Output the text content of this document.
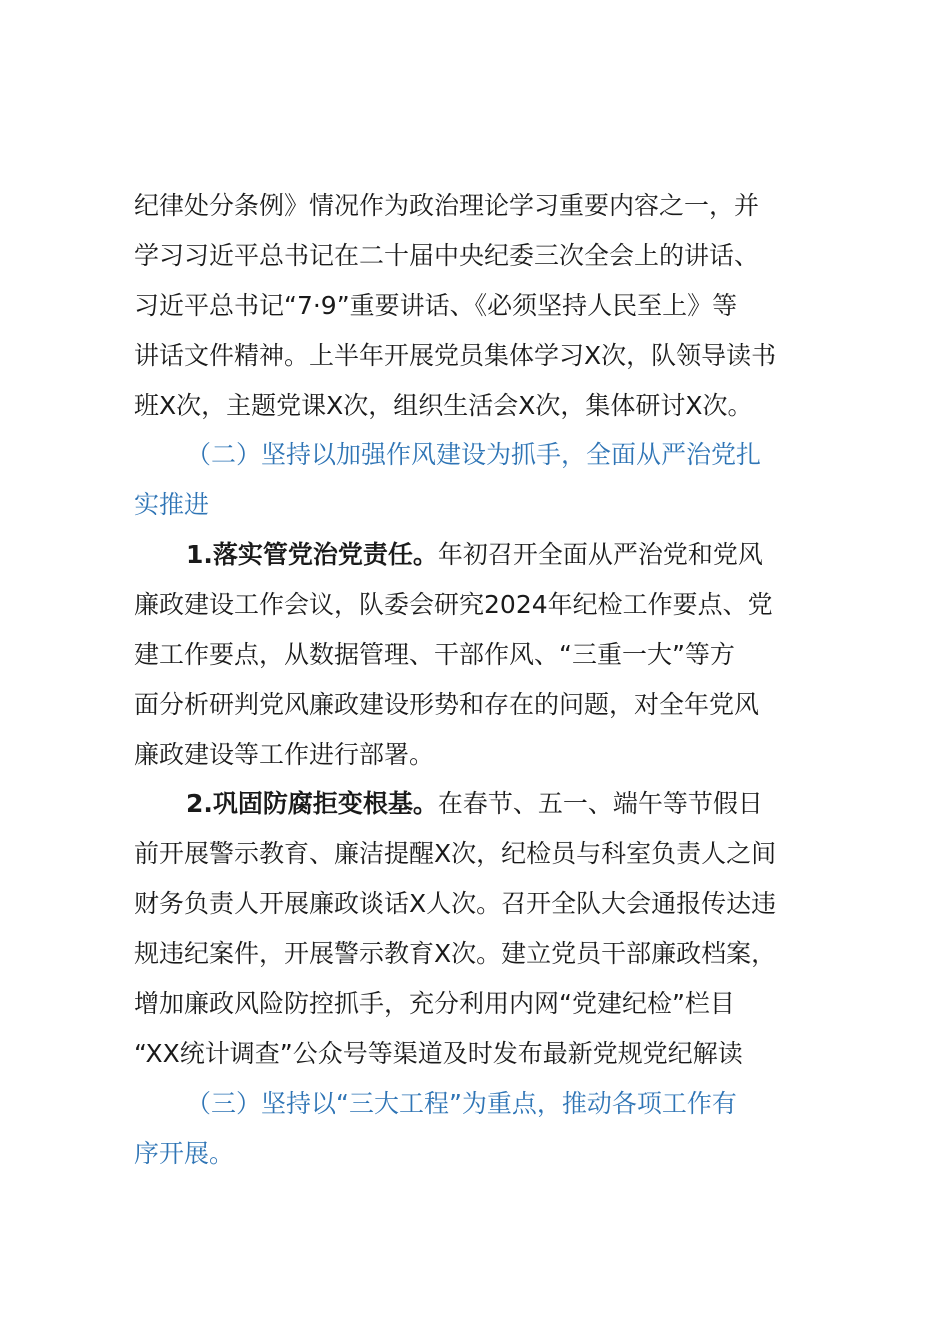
纪律处分条例》情况作为政治理论学习重要内容之一，并
学习习近平总书记在二十届中央纪委三次全会上的讲话、
习近平总书记“7·9”重要讲话、《必须坚持人民至上》等
讲话文件精神。上半年开展党员集体学习X次，队领导读书
班X次，主题党课X次，组织生活会X次，集体研讨X次。
（二）坚持以加强作风建设为抓手，全面从严治党扎
实推进
1.落实管党治党责任。年初召开全面从严治党和党风
廉政建设工作会议，队委会研究2024年纪检工作要点、党
建工作要点，从数据管理、干部作风、“三重一大”等方
面分析研判党风廉政建设形势和存在的问题，对全年党风
廉政建设等工作进行部署。
2.巩固防腐拒变根基。在春节、五一、端午等节假日
前开展警示教育、廉洁提醒X次，纪检员与科室负责人之间
财务负责人开展廉政谈话X人次。召开全队大会通报传达违
规违纪案件，开展警示教育X次。建立党员干部廉政档案，
增加廉政风险防控抓手，充分利用内网“党建纪检”栏目
“XX统计调查”公众号等渠道及时发布最新党规党纪解读
（三）坚持以“三大工程”为重点，推动各项工作有
序开展。
